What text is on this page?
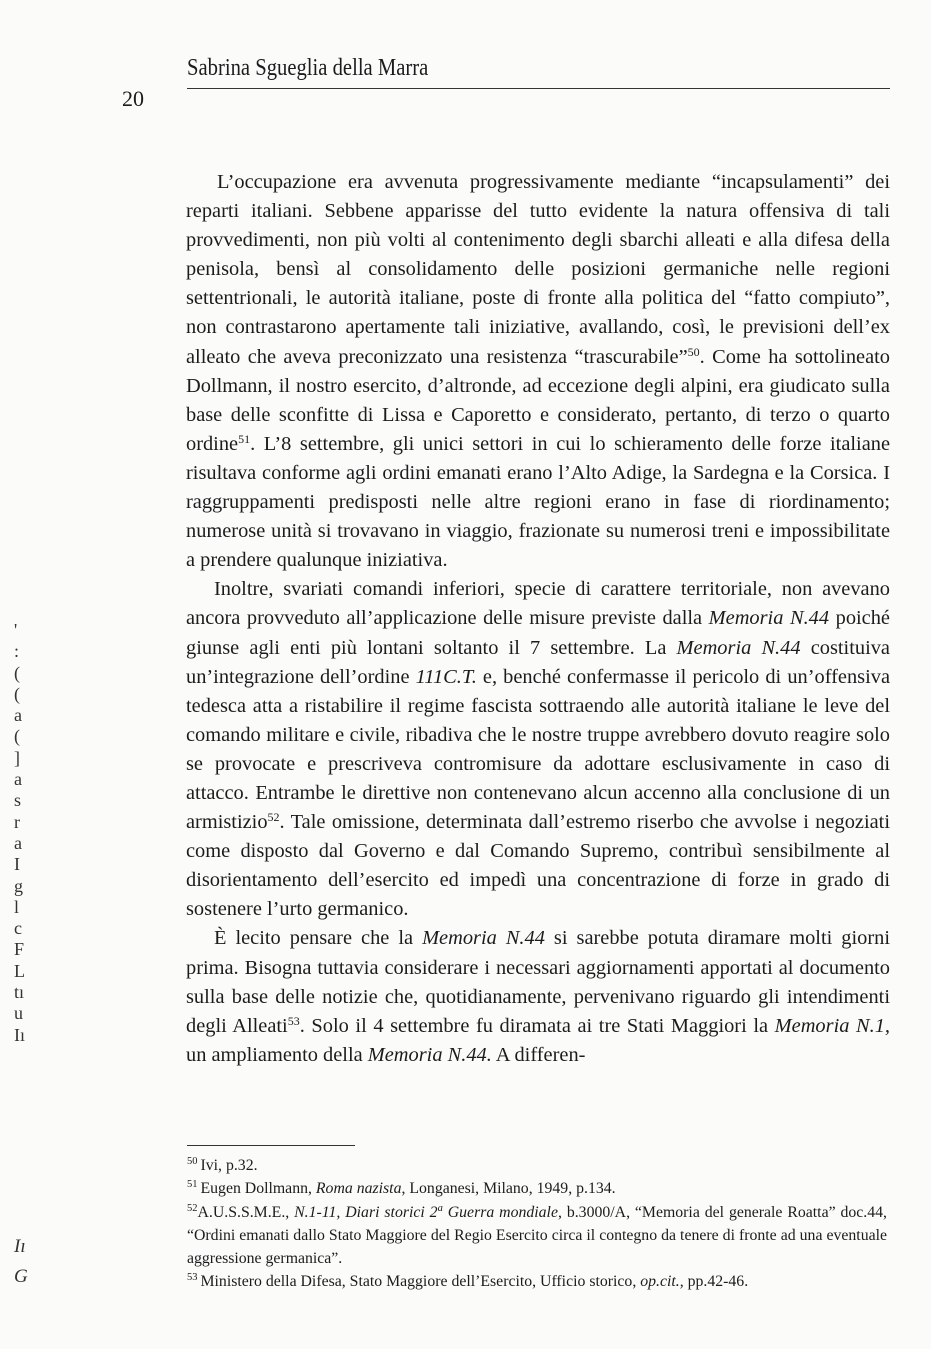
Sabrina Sgueglia della Marra
20
'
:
(
(
a
(
]
a
s
r
a
I
g
l
c
F
L
tı
u
Iı
Iı
G

L’occupazione era avvenuta progressivamente mediante “incapsulamenti” dei reparti italiani. Sebbene apparisse del tutto evidente la natura offensiva di tali provvedimenti, non più volti al contenimento degli sbarchi alleati e alla difesa della penisola, bensì al consolidamento delle posizioni germaniche nelle regioni settentrionali, le autorità italiane, poste di fronte alla politica del “fatto compiuto”, non contrastarono apertamente tali iniziative, avallando, così, le previsioni dell’ex alleato che aveva preconizzato una resistenza “trascurabile”$^{50}$. Come ha sottolineato Dollmann, il nostro esercito, d’altronde, ad eccezione degli alpini, era giudicato sulla base delle sconfitte di Lissa e Caporetto e considerato, pertanto, di terzo o quarto ordine$^{51}$. L’8 settembre, gli unici settori in cui lo schieramento delle forze italiane risultava conforme agli ordini emanati erano l’Alto Adige, la Sardegna e la Corsica. I raggruppamenti predisposti nelle altre regioni erano in fase di riordinamento; numerose unità si trovavano in viaggio, frazionate su numerosi treni e impossibilitate a prendere qualunque iniziativa.

Inoltre, svariati comandi inferiori, specie di carattere territoriale, non avevano ancora provveduto all’applicazione delle misure previste dalla Memoria N.44 poiché giunse agli enti più lontani soltanto il 7 settembre. La Memoria N.44 costituiva un’integrazione dell’ordine 111C.T. e, benché confermasse il pericolo di un’offensiva tedesca atta a ristabilire il regime fascista sottraendo alle autorità italiane le leve del comando militare e civile, ribadiva che le nostre truppe avrebbero dovuto reagire solo se provocate e prescriveva contromisure da adottare esclusivamente in caso di attacco. Entrambe le direttive non contenevano alcun accenno alla conclusione di un armistizio$^{52}$. Tale omissione, determinata dall’estremo riserbo che avvolse i negoziati come disposto dal Governo e dal Comando Supremo, contribuì sensibilmente al disorientamento dell’esercito ed impedì una concentrazione di forze in grado di sostenere l’urto germanico.

È lecito pensare che la Memoria N.44 si sarebbe potuta diramare molti giorni prima. Bisogna tuttavia considerare i necessari aggiornamenti apportati al documento sulla base delle notizie che, quotidianamente, pervenivano riguardo gli intendimenti degli Alleati$^{53}$. Solo il 4 settembre fu diramata ai tre Stati Maggiori la Memoria N.1, un ampliamento della Memoria N.44. A differen-

$^{50}$ Ivi, p.32.

$^{51}$ Eugen Dollmann, Roma nazista, Longanesi, Milano, 1949, p.134.

$^{52}$A.U.S.S.M.E., N.1-11, Diari storici 2$^a$ Guerra mondiale, b.3000/A, “Memoria del generale Roatta” doc.44, “Ordini emanati dallo Stato Maggiore del Regio Esercito circa il contegno da tenere di fronte ad una eventuale aggressione germanica”.

$^{53}$ Ministero della Difesa, Stato Maggiore dell’Esercito, Ufficio storico, op.cit., pp.42-46.
